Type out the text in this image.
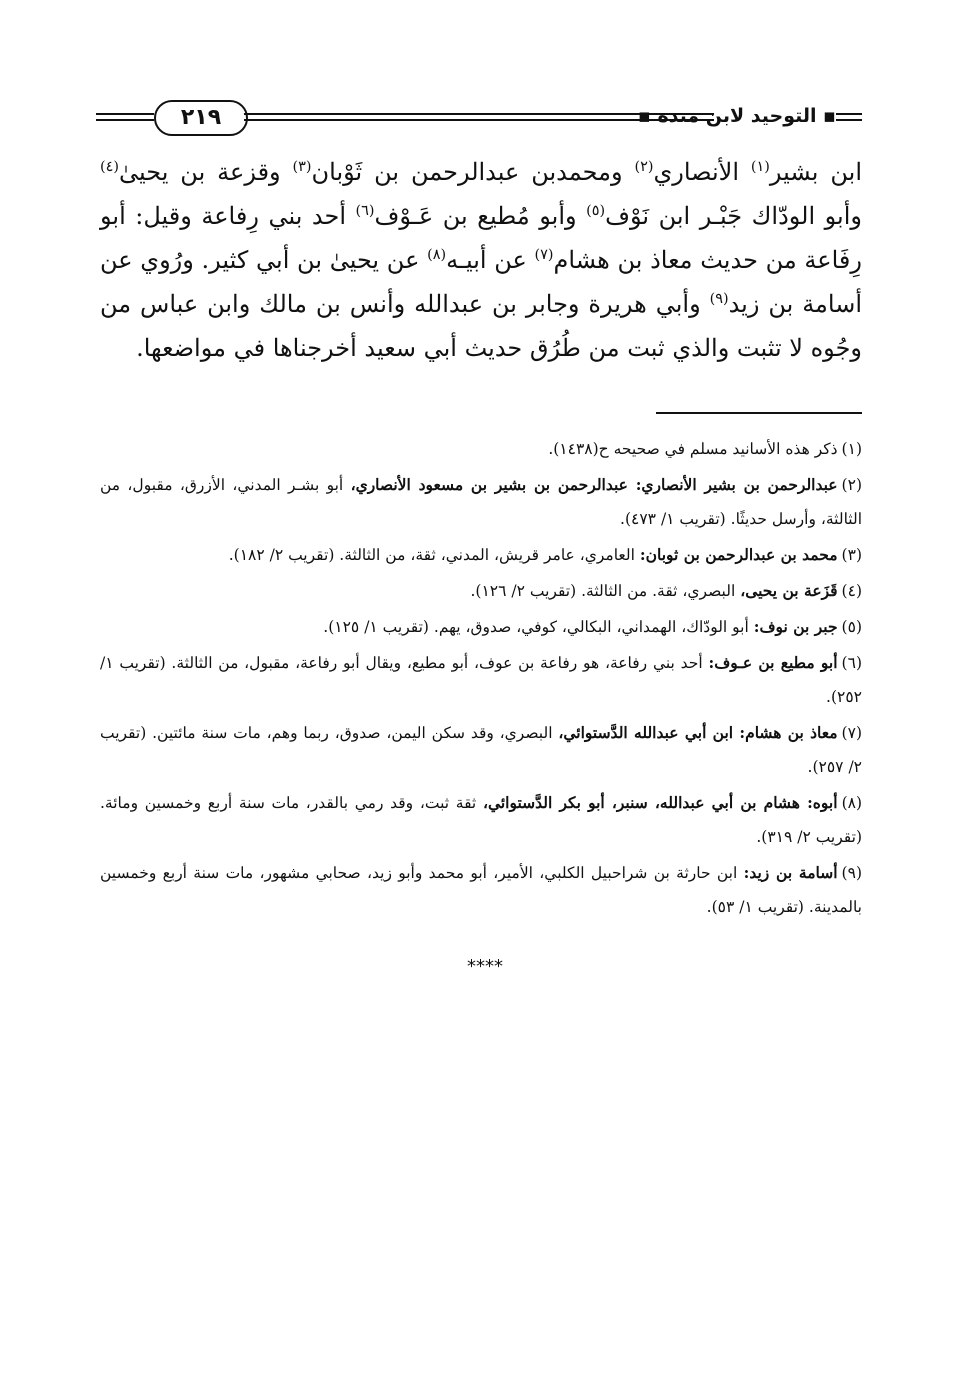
٢١٩	▪ التوحيد لابن منده ▪

ابن بشير$^{(١)}$ الأنصاري$^{(٢)}$ ومحمدبن عبدالرحمن بن ثَوْبان$^{(٣)}$ وقزعة بن يحيىٰ$^{(٤)}$ وأبو الودّاك جَبْـر ابن نَوْف$^{(٥)}$ وأبو مُطيع بن عَـوْف$^{(٦)}$ أحد بني رِفاعة وقيل: أبو رِفَاعة من حديث معاذ بن هشام$^{(٧)}$ عن أبيـه$^{(٨)}$ عن يحيىٰ بن أبي كثير. ورُوي عن أسامة بن زيد$^{(٩)}$ وأبي هريرة وجابر بن عبدالله وأنس بن مالك وابن عباس من وجُوه لا تثبت والذي ثبت من طُرُق حديث أبي سعيد أخرجناها في مواضعها.

(١)ذكر هذه الأسانيد مسلم في صحيحه ح(١٤٣٨).

(٢)عبدالرحمن بن بشير الأنصاري: عبدالرحمن بن بشير بن مسعود الأنصاري، أبو بشـر المدني، الأزرق، مقبول، من الثالثة، وأرسل حديثًا. (تقريب ١/ ٤٧٣).

(٣)محمد بن عبدالرحمن بن ثوبان: العامري، عامر قريش، المدني، ثقة، من الثالثة. (تقريب ٢/ ١٨٢).

(٤)قَزَعة بن يحيى، البصري، ثقة. من الثالثة. (تقريب ٢/ ١٢٦).

(٥)جبر بن نوف: أبو الودّاك، الهمداني، البكالي، كوفي، صدوق، يهم. (تقريب ١/ ١٢٥).

(٦)أبو مطيع بن عـوف: أحد بني رفاعة، هو رفاعة بن عوف، أبو مطيع، ويقال أبو رفاعة، مقبول، من الثالثة. (تقريب ١/ ٢٥٢).

(٧)معاذ بن هشام: ابن أبي عبدالله الدَّستوائي، البصري، وقد سكن اليمن، صدوق، ربما وهم، مات سنة مائتين. (تقريب ٢/ ٢٥٧).

(٨)أبوه: هشام بن أبي عبدالله، سنبر، أبو بكر الدَّستوائي، ثقة ثبت، وقد رمي بالقدر، مات سنة أربع وخمسين ومائة. (تقريب ٢/ ٣١٩).

(٩)أسامة بن زيد: ابن حارثة بن شراحبيل الكلبي، الأمير، أبو محمد وأبو زيد، صحابي مشهور، مات سنة أربع وخمسين بالمدينة. (تقريب ١/ ٥٣).

****
